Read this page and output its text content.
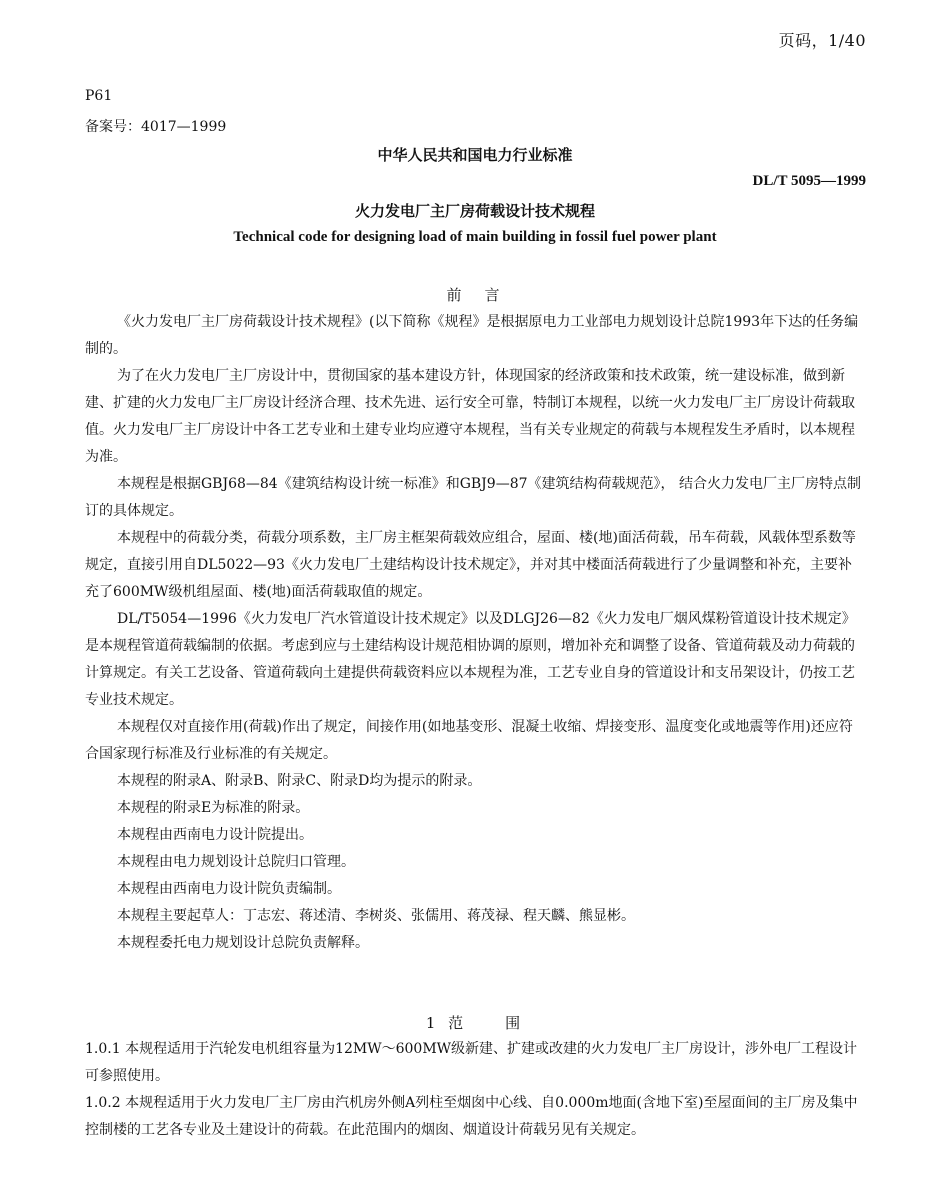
页码，1/40
P61
备案号：4017—1999
中华人民共和国电力行业标准
DL/T 5095—1999
火力发电厂主厂房荷载设计技术规程
Technical code for designing load of main building in fossil fuel power plant
前　言

《火力发电厂主厂房荷载设计技术规程》(以下简称《规程》是根据原电力工业部电力规划设计总院1993年下达的任务编制的。

为了在火力发电厂主厂房设计中，贯彻国家的基本建设方针，体现国家的经济政策和技术政策，统一建设标准，做到新建、扩建的火力发电厂主厂房设计经济合理、技术先进、运行安全可靠，特制订本规程，以统一火力发电厂主厂房设计荷载取值。火力发电厂主厂房设计中各工艺专业和土建专业均应遵守本规程，当有关专业规定的荷载与本规程发生矛盾时，以本规程为准。

本规程是根据GBJ68—84《建筑结构设计统一标准》和GBJ9—87《建筑结构荷载规范》， 结合火力发电厂主厂房特点制订的具体规定。

本规程中的荷载分类，荷载分项系数，主厂房主框架荷载效应组合，屋面、楼(地)面活荷载，吊车荷载，风载体型系数等规定，直接引用自DL5022—93《火力发电厂土建结构设计技术规定》，并对其中楼面活荷载进行了少量调整和补充，主要补充了600MW级机组屋面、楼(地)面活荷载取值的规定。

DL/T5054—1996《火力发电厂汽水管道设计技术规定》以及DLGJ26—82《火力发电厂烟风煤粉管道设计技术规定》是本规程管道荷载编制的依据。考虑到应与土建结构设计规范相协调的原则，增加补充和调整了设备、管道荷载及动力荷载的计算规定。有关工艺设备、管道荷载向土建提供荷载资料应以本规程为准，工艺专业自身的管道设计和支吊架设计，仍按工艺专业技术规定。

本规程仅对直接作用(荷载)作出了规定，间接作用(如地基变形、混凝土收缩、焊接变形、温度变化或地震等作用)还应符合国家现行标准及行业标准的有关规定。

本规程的附录A、附录B、附录C、附录D均为提示的附录。

本规程的附录E为标准的附录。

本规程由西南电力设计院提出。

本规程由电力规划设计总院归口管理。

本规程由西南电力设计院负责编制。

本规程主要起草人：丁志宏、蒋述清、李树炎、张儒用、蒋茂禄、程天麟、熊显彬。

本规程委托电力规划设计总院负责解释。

1 范　　围

1.0.1 本规程适用于汽轮发电机组容量为12MW～600MW级新建、扩建或改建的火力发电厂主厂房设计，涉外电厂工程设计可参照使用。

1.0.2 本规程适用于火力发电厂主厂房由汽机房外侧A列柱至烟囱中心线、自0.000m地面(含地下室)至屋面间的主厂房及集中控制楼的工艺各专业及土建设计的荷载。在此范围内的烟囱、烟道设计荷载另见有关规定。
